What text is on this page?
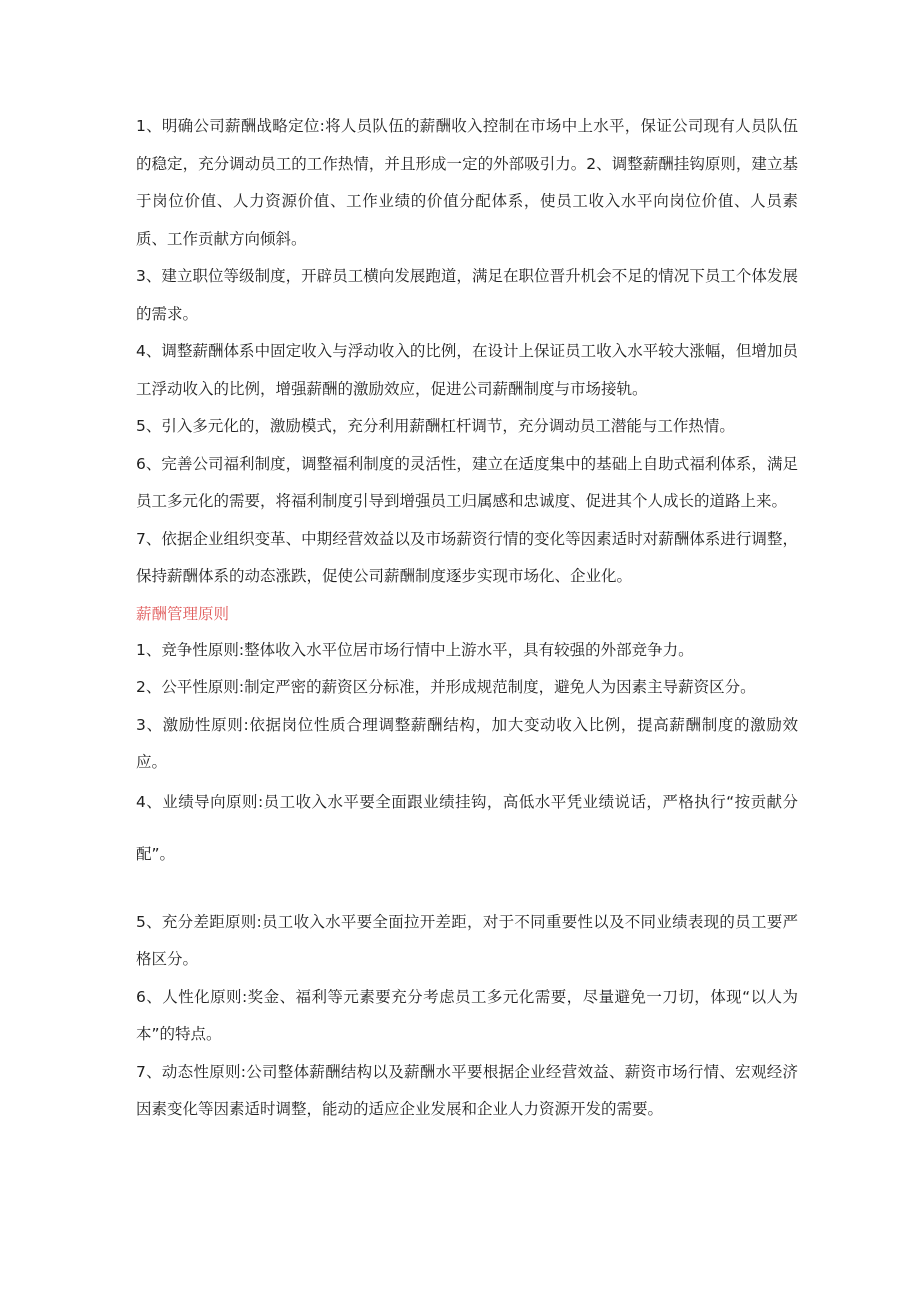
1、明确公司薪酬战略定位:将人员队伍的薪酬收入控制在市场中上水平，保证公司现有人员队伍的稳定，充分调动员工的工作热情，并且形成一定的外部吸引力。2、调整薪酬挂钩原则，建立基于岗位价值、人力资源价值、工作业绩的价值分配体系，使员工收入水平向岗位价值、人员素质、工作贡献方向倾斜。

3、建立职位等级制度，开辟员工横向发展跑道，满足在职位晋升机会不足的情况下员工个体发展的需求。

4、调整薪酬体系中固定收入与浮动收入的比例，在设计上保证员工收入水平较大涨幅，但增加员工浮动收入的比例，增强薪酬的激励效应，促进公司薪酬制度与市场接轨。

5、引入多元化的，激励模式，充分利用薪酬杠杆调节，充分调动员工潜能与工作热情。

6、完善公司福利制度，调整福利制度的灵活性，建立在适度集中的基础上自助式福利体系，满足员工多元化的需要，将福利制度引导到增强员工归属感和忠诚度、促进其个人成长的道路上来。

7、依据企业组织变革、中期经营效益以及市场薪资行情的变化等因素适时对薪酬体系进行调整，保持薪酬体系的动态涨跌，促使公司薪酬制度逐步实现市场化、企业化。

薪酬管理原则

1、竞争性原则:整体收入水平位居市场行情中上游水平，具有较强的外部竞争力。

2、公平性原则:制定严密的薪资区分标准，并形成规范制度，避免人为因素主导薪资区分。

3、激励性原则:依据岗位性质合理调整薪酬结构，加大变动收入比例，提高薪酬制度的激励效应。

4、业绩导向原则:员工收入水平要全面跟业绩挂钩，高低水平凭业绩说话，严格执行“按贡献分配”。

5、充分差距原则:员工收入水平要全面拉开差距，对于不同重要性以及不同业绩表现的员工要严格区分。

6、人性化原则:奖金、福利等元素要充分考虑员工多元化需要，尽量避免一刀切，体现“以人为本”的特点。

7、动态性原则:公司整体薪酬结构以及薪酬水平要根据企业经营效益、薪资市场行情、宏观经济因素变化等因素适时调整，能动的适应企业发展和企业人力资源开发的需要。
